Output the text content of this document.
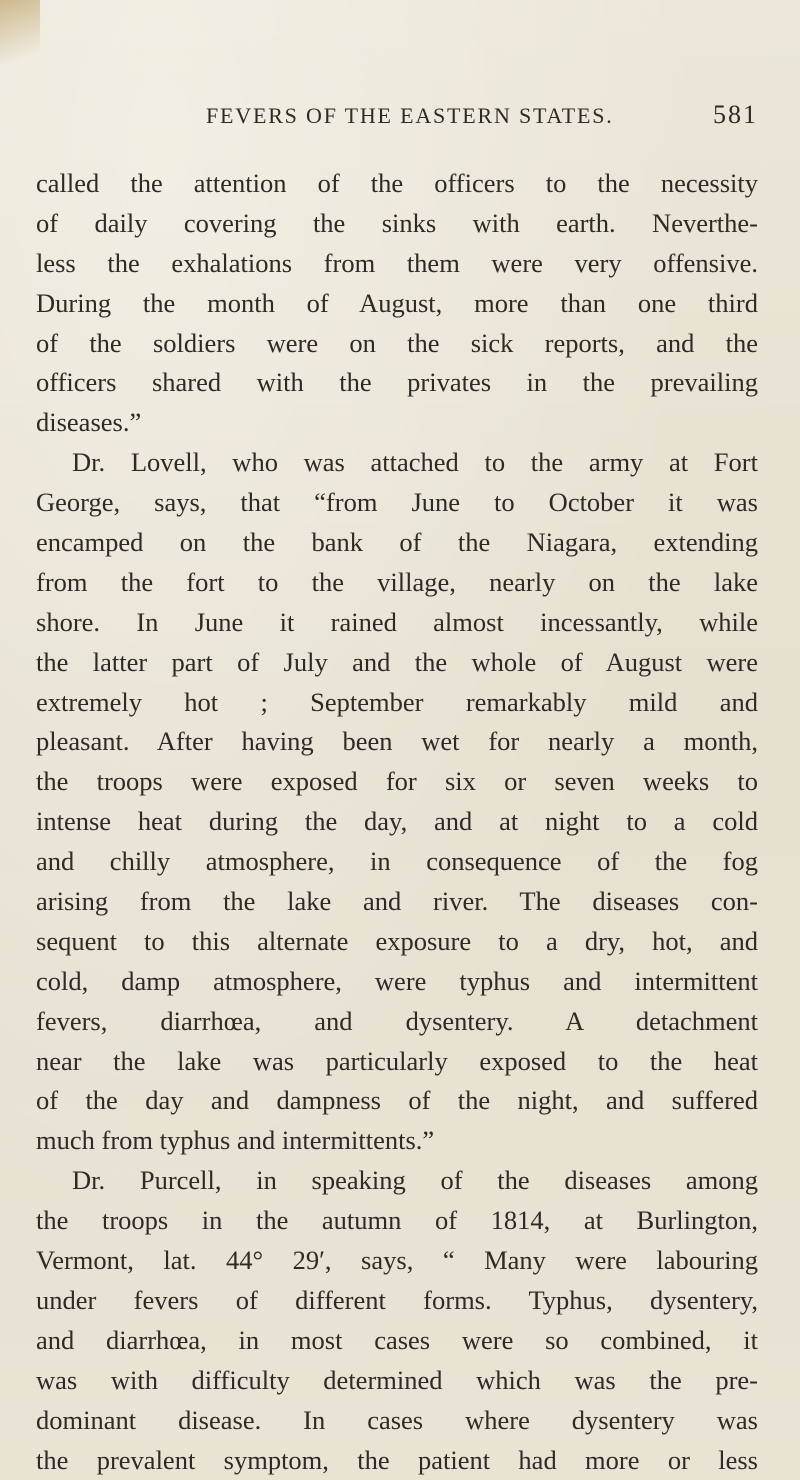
FEVERS OF THE EASTERN STATES.	581
called the attention of the officers to the necessity
of daily covering the sinks with earth. Neverthe-
less the exhalations from them were very offensive.
During the month of August, more than one third
of the soldiers were on the sick reports, and the
officers shared with the privates in the prevailing
diseases.”
Dr. Lovell, who was attached to the army at Fort
George, says, that “from June to October it was
encamped on the bank of the Niagara, extending
from the fort to the village, nearly on the lake
shore. In June it rained almost incessantly, while
the latter part of July and the whole of August were
extremely hot ; September remarkably mild and
pleasant. After having been wet for nearly a month,
the troops were exposed for six or seven weeks to
intense heat during the day, and at night to a cold
and chilly atmosphere, in consequence of the fog
arising from the lake and river. The diseases con-
sequent to this alternate exposure to a dry, hot, and
cold, damp atmosphere, were typhus and intermittent
fevers, diarrhœa, and dysentery. A detachment
near the lake was particularly exposed to the heat
of the day and dampness of the night, and suffered
much from typhus and intermittents.”
Dr. Purcell, in speaking of the diseases among
the troops in the autumn of 1814, at Burlington,
Vermont, lat. 44° 29′, says, “ Many were labouring
under fevers of different forms. Typhus, dysentery,
and diarrhœa, in most cases were so combined, it
was with difficulty determined which was the pre-
dominant disease. In cases where dysentery was
the prevalent symptom, the patient had more or less
